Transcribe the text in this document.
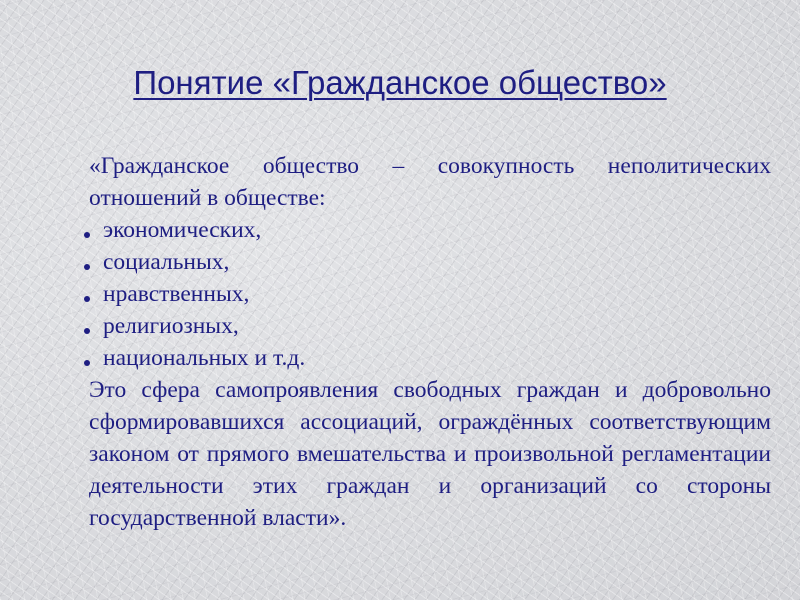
Понятие «Гражданское общество»

«Гражданское общество – совокупность неполитических отношений в обществе:

экономических,
социальных,
нравственных,
религиозных,
национальных и т.д.

Это сфера самопроявления свободных граждан и добровольно сформировавшихся ассоциаций, ограждённых соответствующим законом от прямого вмешательства и произвольной регламентации деятельности этих граждан и организаций со стороны государственной власти».
